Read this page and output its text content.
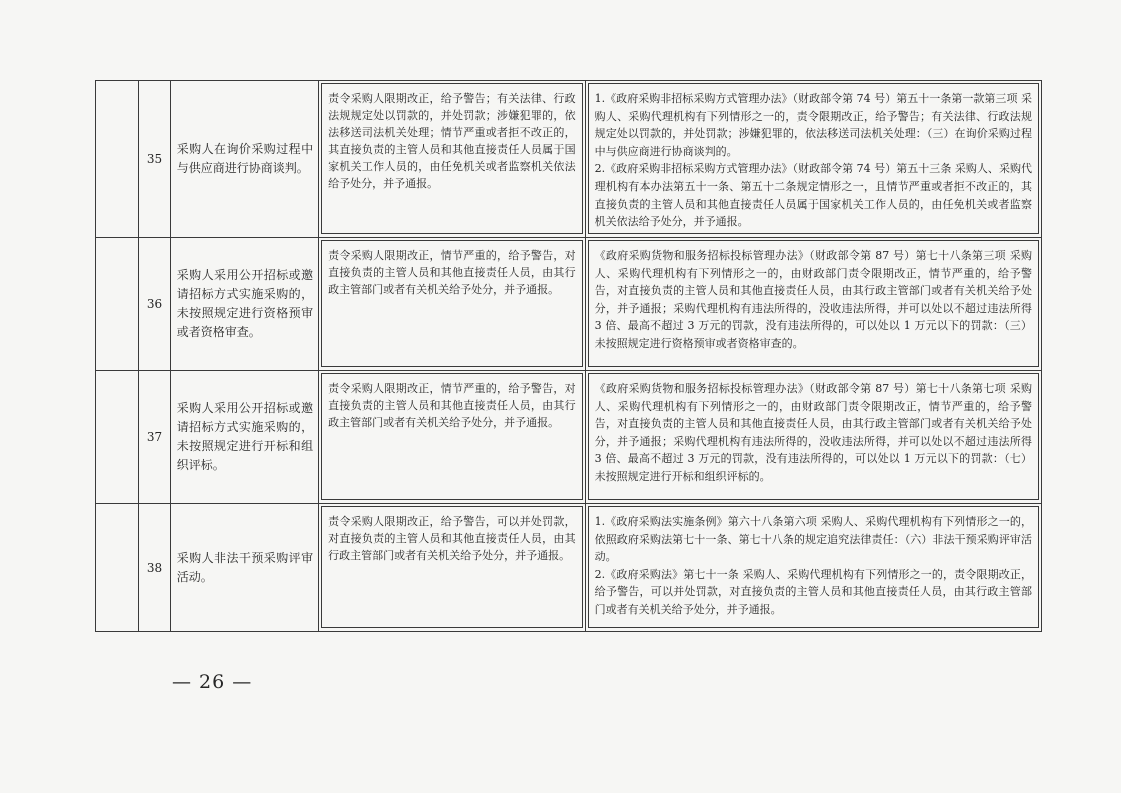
	35	采购人在询价采购过程中与供应商进行协商谈判。	责令采购人限期改正，给予警告；有关法律、行政法规规定处以罚款的，并处罚款；涉嫌犯罪的，依法移送司法机关处理；情节严重或者拒不改正的，其直接负责的主管人员和其他直接责任人员属于国家机关工作人员的，由任免机关或者监察机关依法给予处分，并予通报。	1.《政府采购非招标采购方式管理办法》（财政部令第 74 号）第五十一条第一款第三项 采购人、采购代理机构有下列情形之一的，责令限期改正，给予警告；有关法律、行政法规规定处以罚款的，并处罚款；涉嫌犯罪的，依法移送司法机关处理：（三）在询价采购过程中与供应商进行协商谈判的。
2.《政府采购非招标采购方式管理办法》（财政部令第 74 号）第五十三条 采购人、采购代理机构有本办法第五十一条、第五十二条规定情形之一，且情节严重或者拒不改正的，其直接负责的主管人员和其他直接责任人员属于国家机关工作人员的，由任免机关或者监察机关依法给予处分，并予通报。

	36	采购人采用公开招标或邀请招标方式实施采购的，未按照规定进行资格预审或者资格审查。	责令采购人限期改正，情节严重的，给予警告，对直接负责的主管人员和其他直接责任人员，由其行政主管部门或者有关机关给予处分，并予通报。	《政府采购货物和服务招标投标管理办法》（财政部令第 87 号）第七十八条第三项 采购人、采购代理机构有下列情形之一的，由财政部门责令限期改正，情节严重的，给予警告，对直接负责的主管人员和其他直接责任人员，由其行政主管部门或者有关机关给予处分，并予通报；采购代理机构有违法所得的，没收违法所得，并可以处以不超过违法所得 3 倍、最高不超过 3 万元的罚款，没有违法所得的，可以处以 1 万元以下的罚款：（三）未按照规定进行资格预审或者资格审查的。

	37	采购人采用公开招标或邀请招标方式实施采购的，未按照规定进行开标和组织评标。	责令采购人限期改正，情节严重的，给予警告，对直接负责的主管人员和其他直接责任人员，由其行政主管部门或者有关机关给予处分，并予通报。	《政府采购货物和服务招标投标管理办法》（财政部令第 87 号）第七十八条第七项 采购人、采购代理机构有下列情形之一的，由财政部门责令限期改正，情节严重的，给予警告，对直接负责的主管人员和其他直接责任人员，由其行政主管部门或者有关机关给予处分，并予通报；采购代理机构有违法所得的，没收违法所得，并可以处以不超过违法所得 3 倍、最高不超过 3 万元的罚款，没有违法所得的，可以处以 1 万元以下的罚款：（七）未按照规定进行开标和组织评标的。

	38	采购人非法干预采购评审活动。	责令采购人限期改正，给予警告，可以并处罚款，对直接负责的主管人员和其他直接责任人员，由其行政主管部门或者有关机关给予处分，并予通报。	1.《政府采购法实施条例》第六十八条第六项 采购人、采购代理机构有下列情形之一的，依照政府采购法第七十一条、第七十八条的规定追究法律责任：（六）非法干预采购评审活动。
2.《政府采购法》第七十一条 采购人、采购代理机构有下列情形之一的，责令限期改正，给予警告，可以并处罚款，对直接负责的主管人员和其他直接责任人员，由其行政主管部门或者有关机关给予处分，并予通报。
— 26 —
